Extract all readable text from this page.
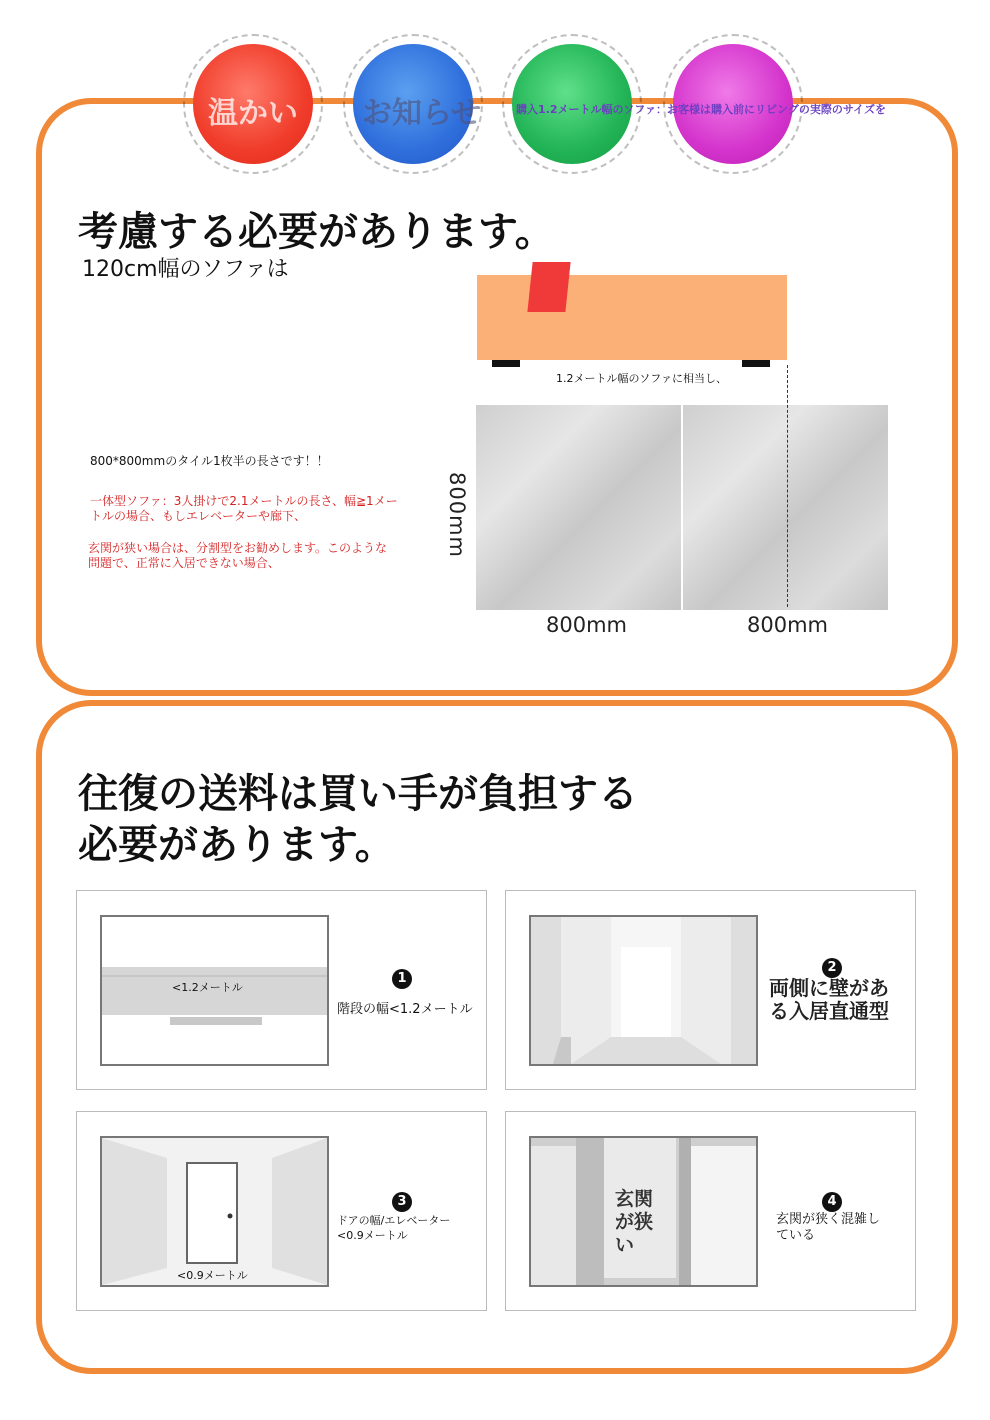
温かい お知らせ	購入1.2メートル幅のソファ：お客様は購入前にリビングの実際のサイズを
考慮する必要があります。
120cm幅のソファは
1.2メートル幅のソファに相当し、
800mm
800mm	800mm
800*800mmのタイル1枚半の長さです！！
一体型ソファ：3人掛けで2.1メートルの長さ、幅≧1メートルの場合、もしエレベーターや廊下、
玄関が狭い場合は、分割型をお勧めします。このような問題で、正常に入居できない場合、
往復の送料は買い手が負担する
必要があります。
<1.2メートル
1
階段の幅<1.2メートル
2
両側に壁がある入居直通型
<0.9メートル
3
ドアの幅/エレベーター<0.9メートル
玄関が狭い
4
玄関が狭く混雑している
